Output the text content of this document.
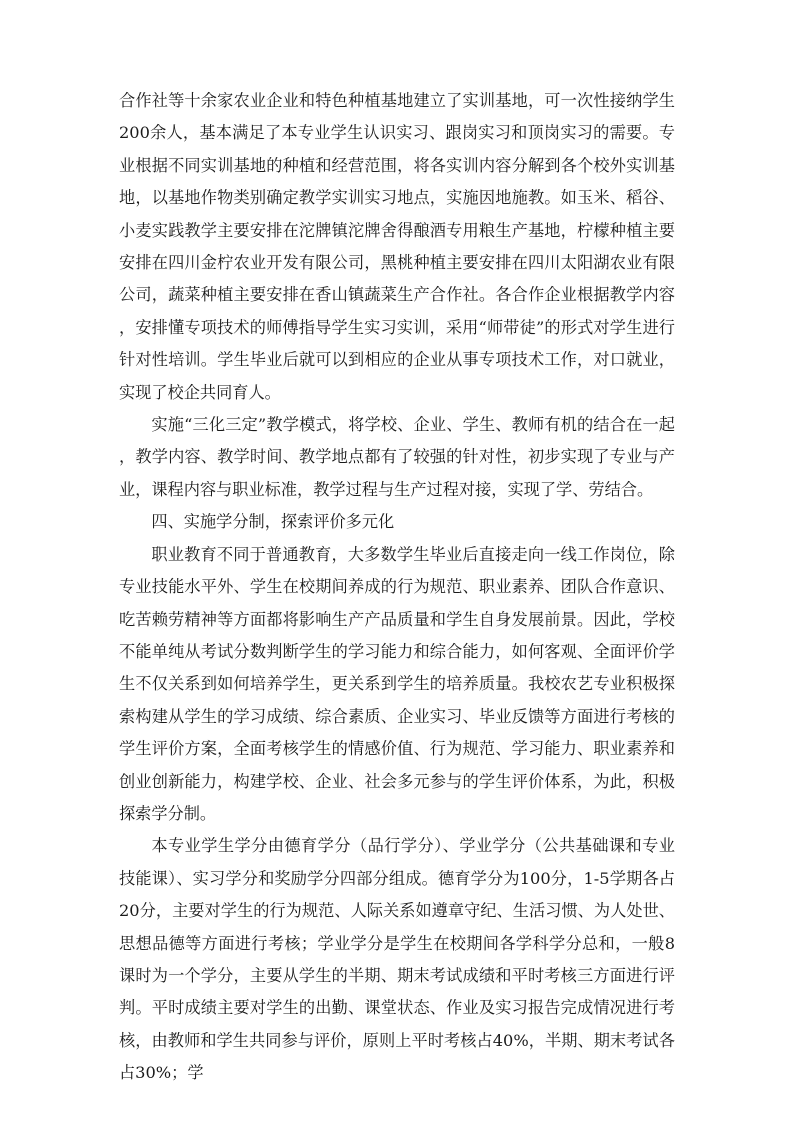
合作社等十余家农业企业和特色种植基地建立了实训基地，可一次性接纳学生200余人，基本满足了本专业学生认识实习、跟岗实习和顶岗实习的需要。专业根据不同实训基地的种植和经营范围，将各实训内容分解到各个校外实训基地，以基地作物类别确定教学实训实习地点，实施因地施教。如玉米、稻谷、小麦实践教学主要安排在沱牌镇沱牌舍得酿酒专用粮生产基地，柠檬种植主要安排在四川金柠农业开发有限公司，黑桃种植主要安排在四川太阳湖农业有限公司，蔬菜种植主要安排在香山镇蔬菜生产合作社。各合作企业根据教学内容，安排懂专项技术的师傅指导学生实习实训，采用“师带徒”的形式对学生进行针对性培训。学生毕业后就可以到相应的企业从事专项技术工作，对口就业，实现了校企共同育人。

实施“三化三定”教学模式，将学校、企业、学生、教师有机的结合在一起，教学内容、教学时间、教学地点都有了较强的针对性，初步实现了专业与产业，课程内容与职业标准，教学过程与生产过程对接，实现了学、劳结合。

四、实施学分制，探索评价多元化

职业教育不同于普通教育，大多数学生毕业后直接走向一线工作岗位，除专业技能水平外、学生在校期间养成的行为规范、职业素养、团队合作意识、吃苦赖劳精神等方面都将影响生产产品质量和学生自身发展前景。因此，学校不能单纯从考试分数判断学生的学习能力和综合能力，如何客观、全面评价学生不仅关系到如何培养学生，更关系到学生的培养质量。我校农艺专业积极探索构建从学生的学习成绩、综合素质、企业实习、毕业反馈等方面进行考核的学生评价方案，全面考核学生的情感价值、行为规范、学习能力、职业素养和创业创新能力，构建学校、企业、社会多元参与的学生评价体系，为此，积极探索学分制。

本专业学生学分由德育学分（品行学分）、学业学分（公共基础课和专业技能课）、实习学分和奖励学分四部分组成。德育学分为100分，1-5学期各占20分，主要对学生的行为规范、人际关系如遵章守纪、生活习惯、为人处世、思想品德等方面进行考核；学业学分是学生在校期间各学科学分总和，一般8课时为一个学分，主要从学生的半期、期末考试成绩和平时考核三方面进行评判。平时成绩主要对学生的出勤、课堂状态、作业及实习报告完成情况进行考核，由教师和学生共同参与评价，原则上平时考核占40%，半期、期末考试各占30%；学
